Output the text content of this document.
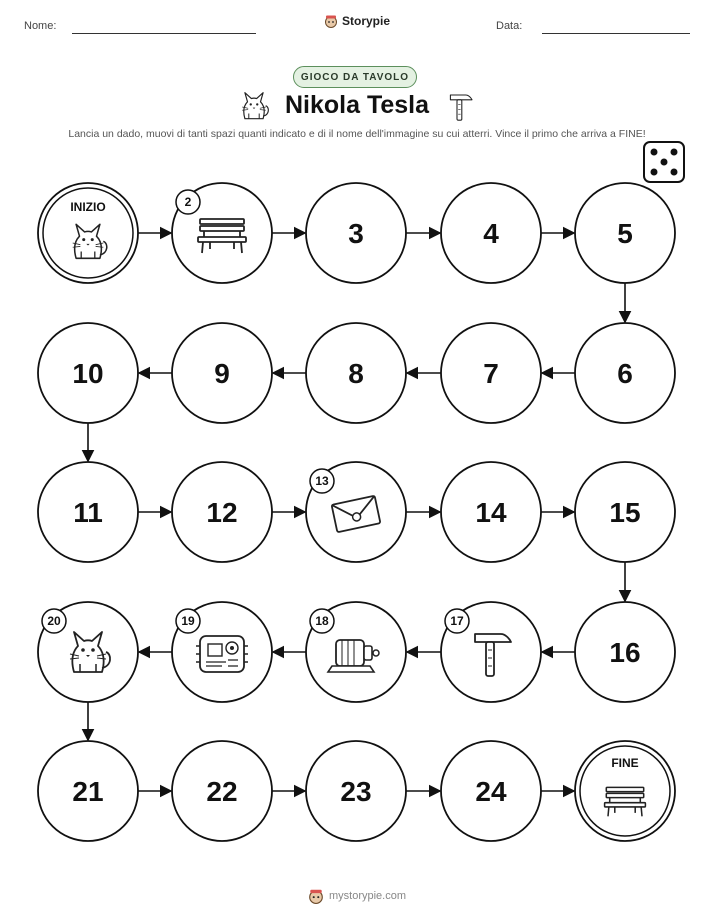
Nome:	Storypie	Data:
GIOCO DA TAVOLO
Nikola Tesla
Lancia un dado, muovi di tanti spazi quanti indicato e di il nome dell'immagine su cui atterri. Vince il primo che arriva a FINE!
INIZIO	2
3	4	5
6
7
8
9
10
11	12
13
14	15
16
17
18
19
20
21	22	23	24
FINE
mystorypie.com
